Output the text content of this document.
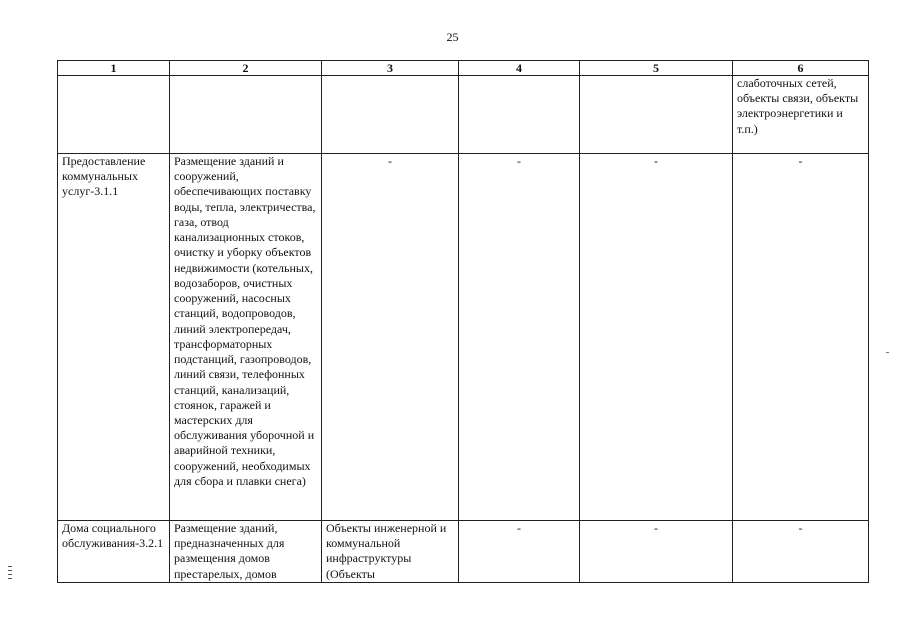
25
1	2	3	4	5	6
					слаботочных сетей, объекты связи, объекты электроэнергетики и т.п.)
Предоставление коммунальных услуг-3.1.1	Размещение зданий и сооружений, обеспечивающих поставку воды, тепла, электричества, газа, отвод канализационных стоков, очистку и уборку объектов недвижимости (котельных, водозаборов, очистных сооружений, насосных станций, водопроводов, линий электропередач, трансформаторных подстанций, газопроводов, линий связи, телефонных станций, канализаций, стоянок, гаражей и мастерских для обслуживания уборочной и аварийной техники, сооружений, необходимых для сбора и плавки снега)	-	-	-	-
Дома социального обслуживания-3.2.1	Размещение зданий, предназначенных для размещения домов престарелых, домов	Объекты инженерной и коммунальной инфраструктуры (Объекты	-	-	-
